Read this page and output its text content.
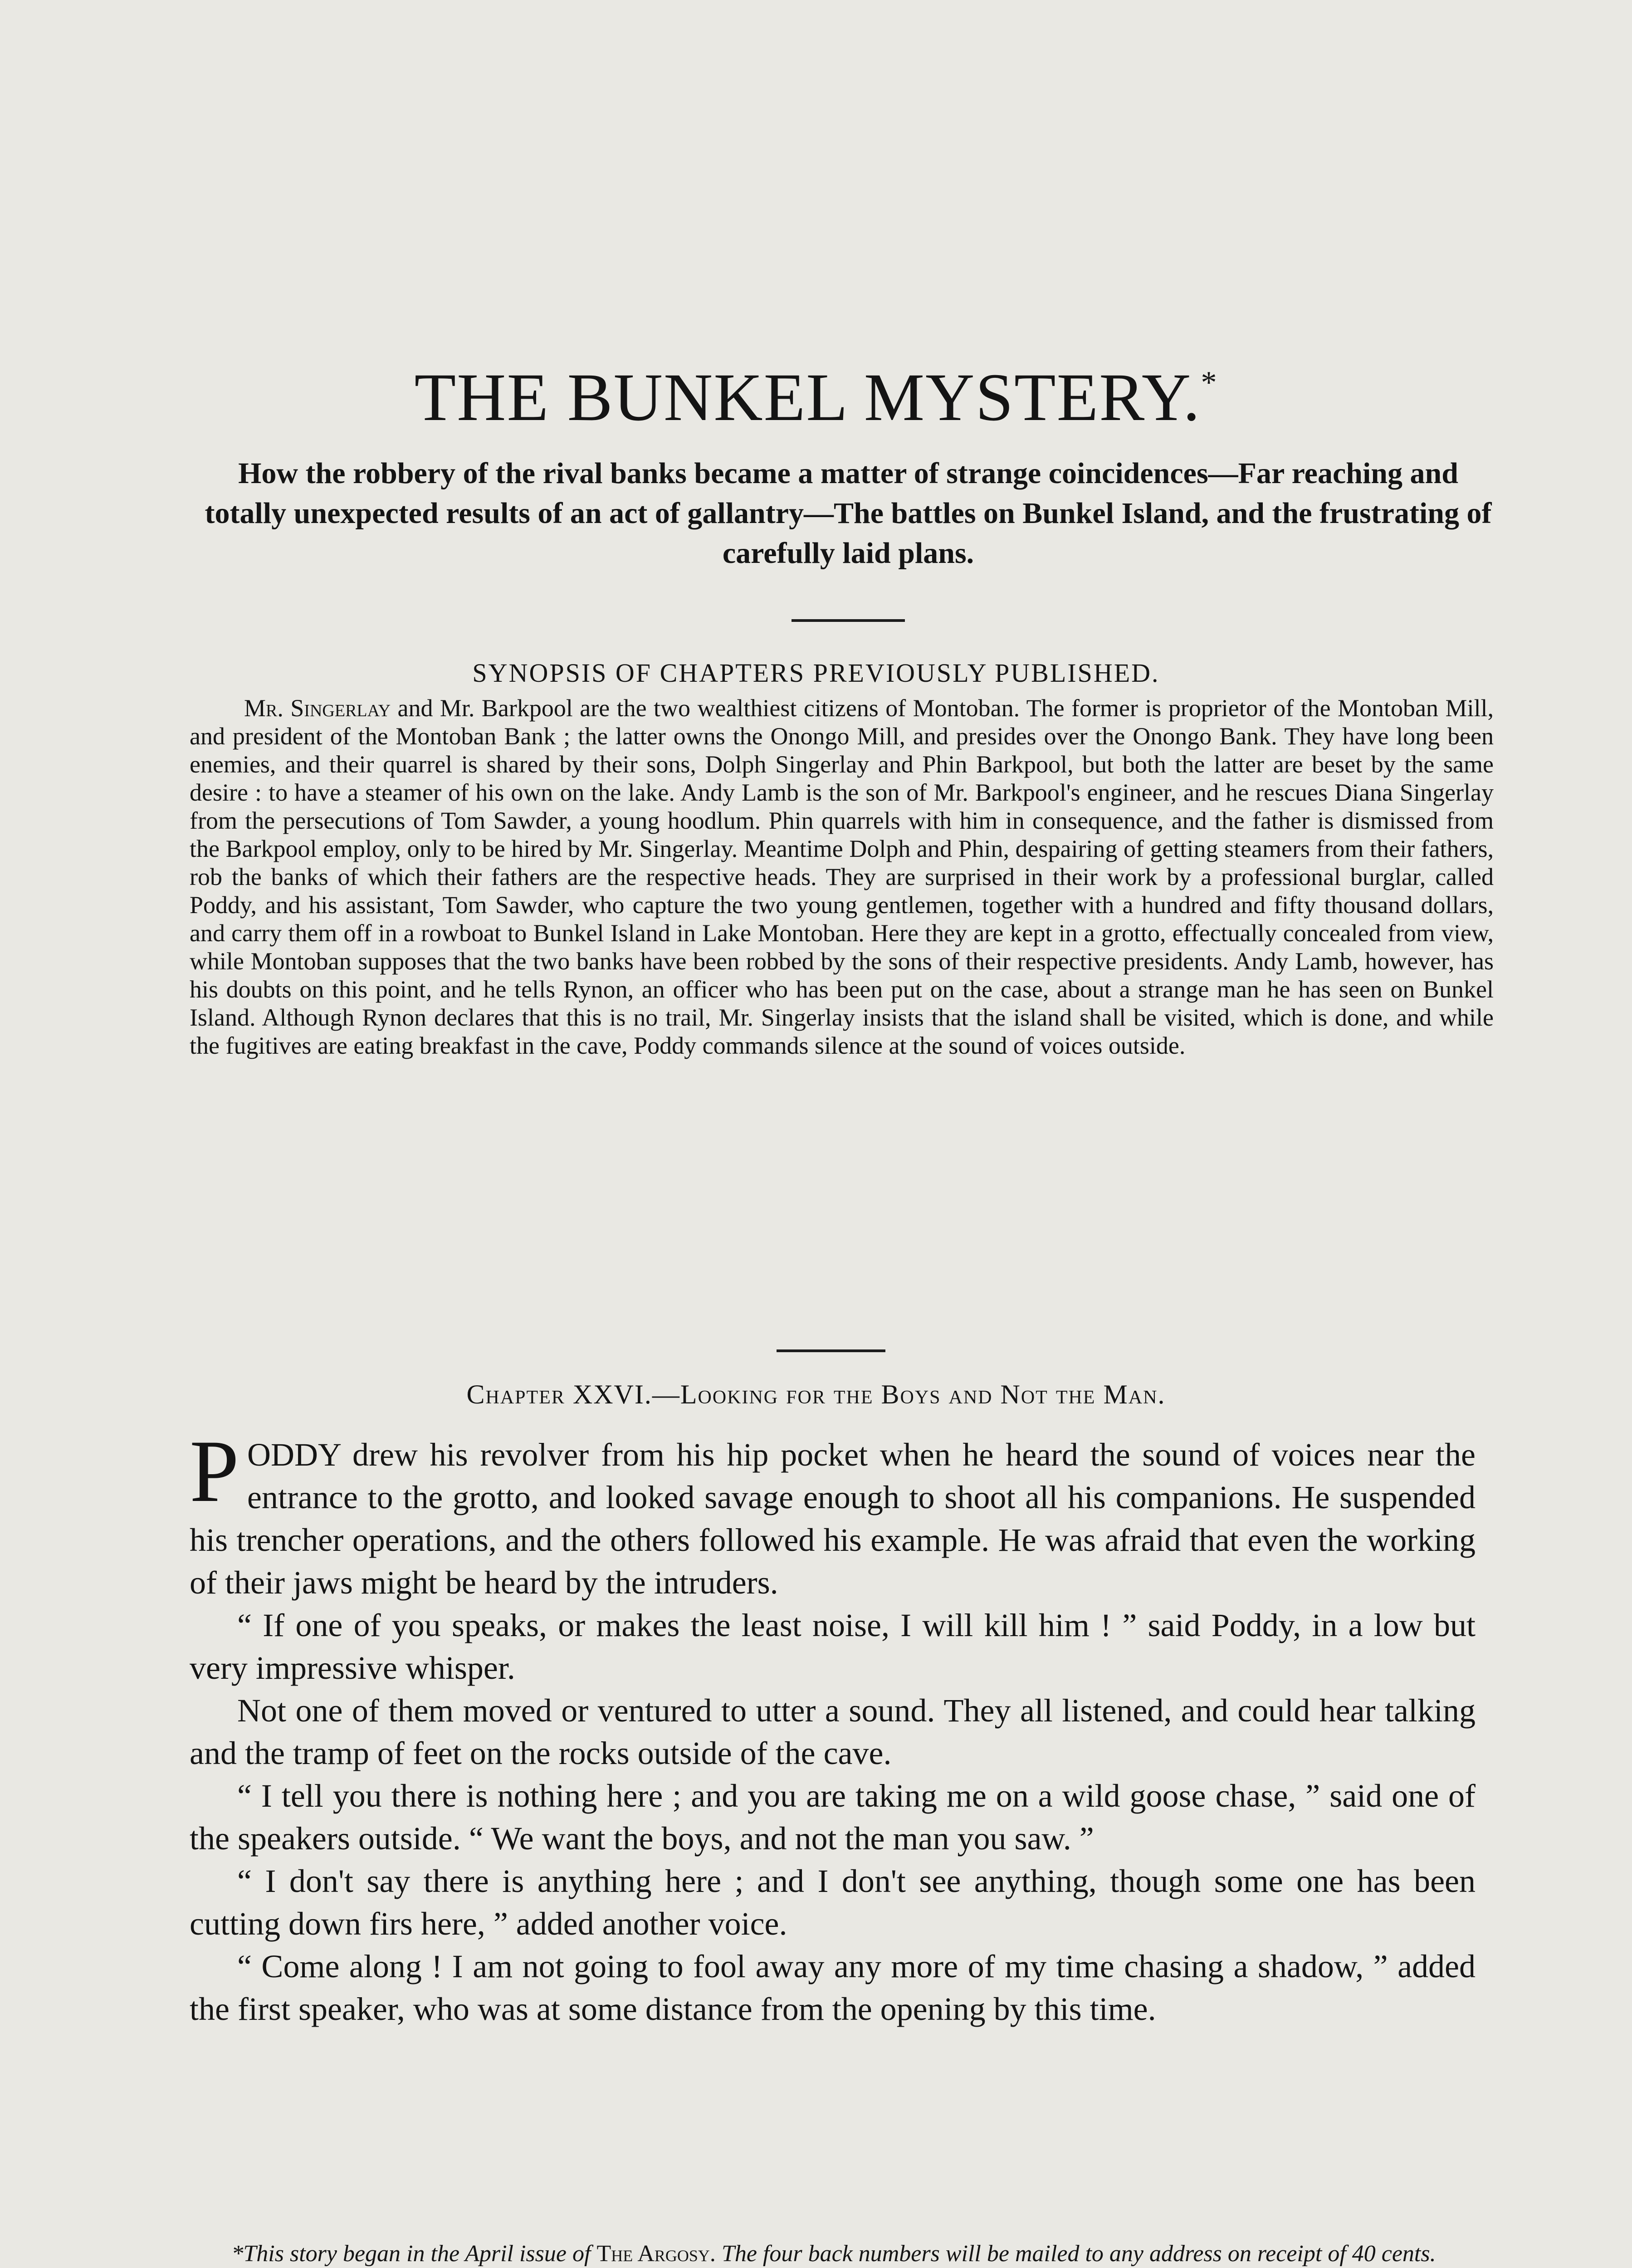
THE BUNKEL MYSTERY.*
How the robbery of the rival banks became a matter of strange coincidences—Far reaching and totally unexpected results of an act of gallantry—The battles on Bunkel Island, and the frustrating of carefully laid plans.
SYNOPSIS OF CHAPTERS PREVIOUSLY PUBLISHED.
Mr. Singerlay and Mr. Barkpool are the two wealthiest citizens of Montoban. The former is proprietor of the Montoban Mill, and president of the Montoban Bank ; the latter owns the Onongo Mill, and presides over the Onongo Bank. They have long been enemies, and their quarrel is shared by their sons, Dolph Singerlay and Phin Barkpool, but both the latter are beset by the same desire : to have a steamer of his own on the lake. Andy Lamb is the son of Mr. Barkpool's engineer, and he rescues Diana Singerlay from the persecutions of Tom Sawder, a young hoodlum. Phin quarrels with him in consequence, and the father is dismissed from the Barkpool employ, only to be hired by Mr. Singerlay. Meantime Dolph and Phin, despairing of getting steamers from their fathers, rob the banks of which their fathers are the respective heads. They are surprised in their work by a professional burglar, called Poddy, and his assistant, Tom Sawder, who capture the two young gentlemen, together with a hundred and fifty thousand dollars, and carry them off in a rowboat to Bunkel Island in Lake Montoban. Here they are kept in a grotto, effectually concealed from view, while Montoban supposes that the two banks have been robbed by the sons of their respective presidents. Andy Lamb, however, has his doubts on this point, and he tells Rynon, an officer who has been put on the case, about a strange man he has seen on Bunkel Island. Although Rynon declares that this is no trail, Mr. Singerlay insists that the island shall be visited, which is done, and while the fugitives are eating breakfast in the cave, Poddy commands silence at the sound of voices outside.
Chapter XXVI.—Looking for the Boys and Not the Man.

PODDY drew his revolver from his hip pocket when he heard the sound of voices near the entrance to the grotto, and looked savage enough to shoot all his companions. He suspended his trencher operations, and the others followed his example. He was afraid that even the working of their jaws might be heard by the intruders.

“ If one of you speaks, or makes the least noise, I will kill him ! ” said Poddy, in a low but very impressive whisper.

Not one of them moved or ventured to utter a sound. They all listened, and could hear talking and the tramp of feet on the rocks outside of the cave.

“ I tell you there is nothing here ; and you are taking me on a wild goose chase, ” said one of the speakers outside. “ We want the boys, and not the man you saw. ”

“ I don't say there is anything here ; and I don't see anything, though some one has been cutting down firs here, ” added another voice.

“ Come along ! I am not going to fool away any more of my time chasing a shadow, ” added the first speaker, who was at some distance from the opening by this time.

*This story began in the April issue of The Argosy. The four back numbers will be mailed to any address on receipt of 40 cents.
